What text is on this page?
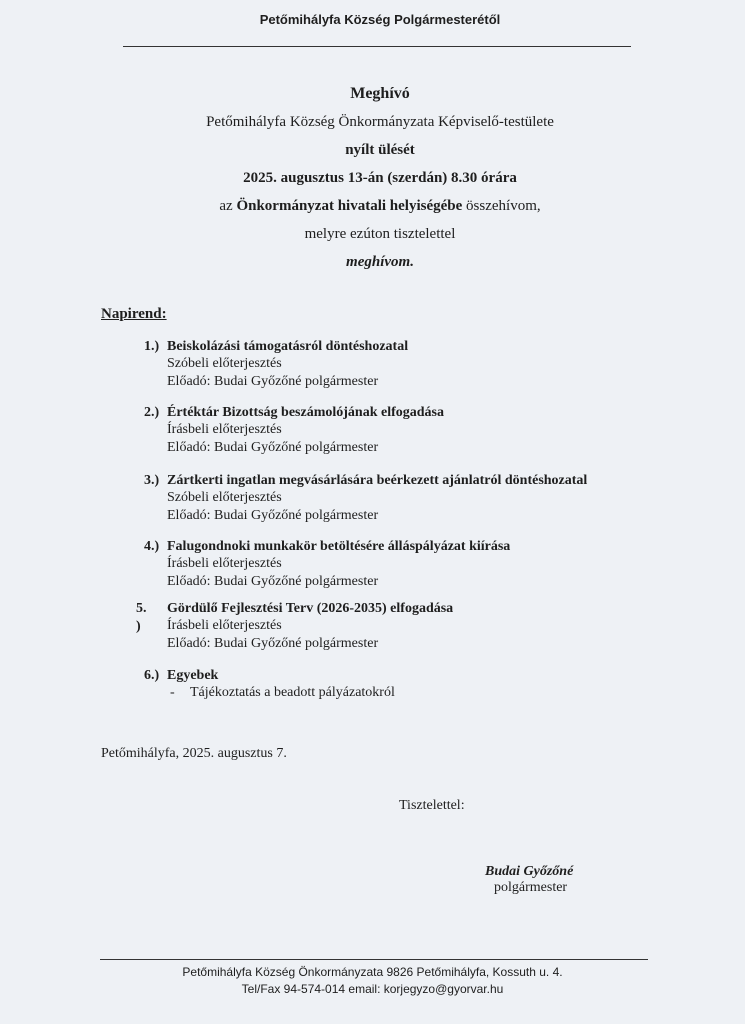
Petőmihályfa Község Polgármesterétől
Meghívó
Petőmihályfa Község Önkormányzata Képviselő-testülete
nyílt ülését
2025. augusztus 13-án (szerdán) 8.30 órára
az Önkormányzat hivatali helyiségébe összehívom,
melyre ezúton tisztelettel
meghívom.
Napirend:
1.) Beiskolázási támogatásról döntéshozatal
Szóbeli előterjesztés
Előadó: Budai Győzőné polgármester
2.) Értéktár Bizottság beszámolójának elfogadása
Írásbeli előterjesztés
Előadó: Budai Győzőné polgármester
3.) Zártkerti ingatlan megvásárlására beérkezett ajánlatról döntéshozatal
Szóbeli előterjesztés
Előadó: Budai Győzőné polgármester
4.) Falugondnoki munkakör betöltésére álláspályázat kiírása
Írásbeli előterjesztés
Előadó: Budai Győzőné polgármester
5. )
Gördülő Fejlesztési Terv (2026-2035) elfogadása
Írásbeli előterjesztés
Előadó: Budai Győzőné polgármester
6.) Egyebek
- Tájékoztatás a beadott pályázatokról
Petőmihályfa, 2025. augusztus 7.
Tisztelettel:
Budai Győzőné
polgármester
Petőmihályfa Község Önkormányzata 9826 Petőmihályfa, Kossuth u. 4.
Tel/Fax 94-574-014 email: korjegyzo@gyorvar.hu
